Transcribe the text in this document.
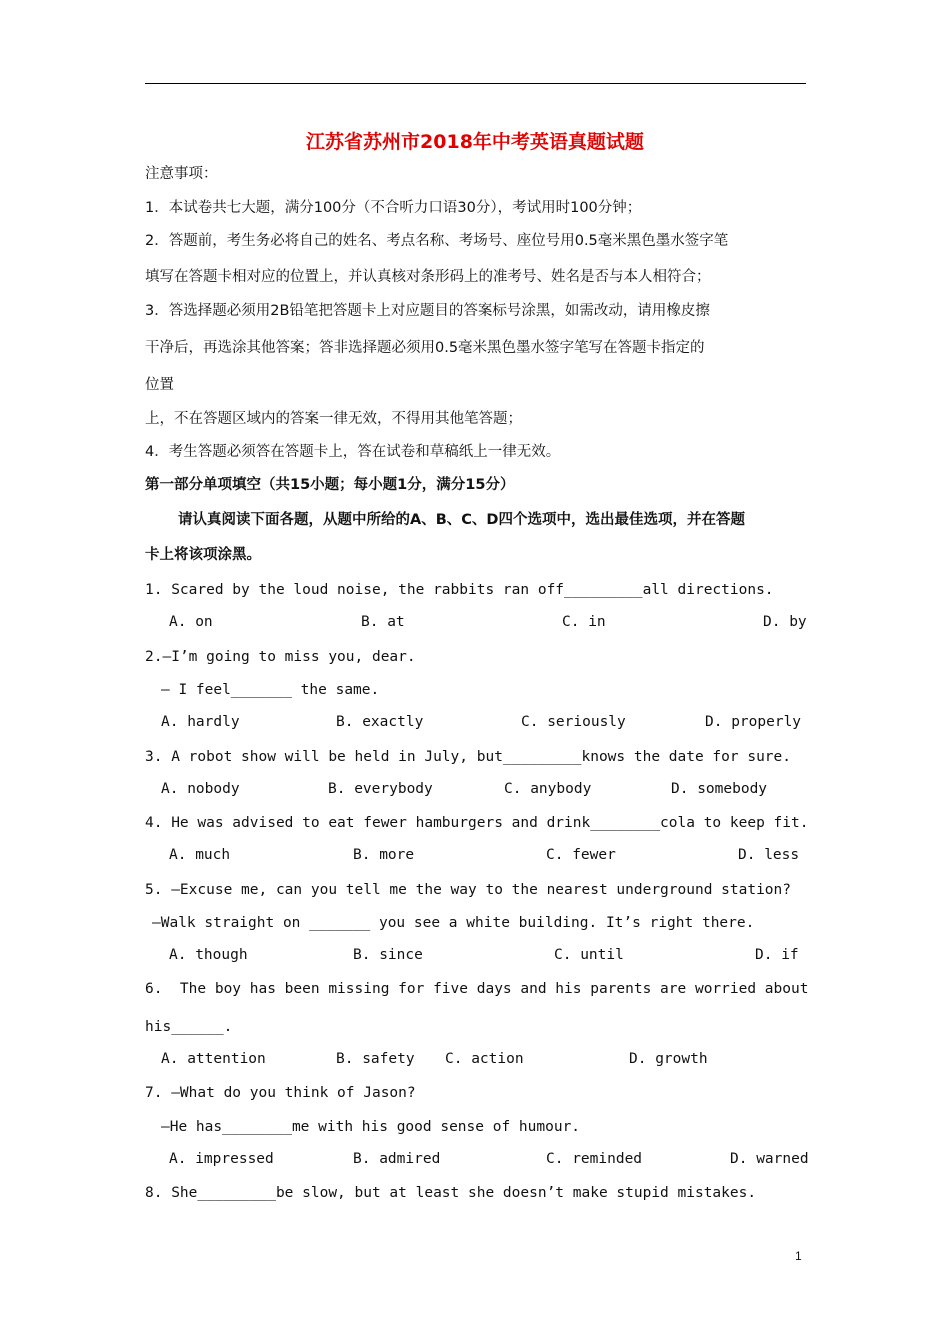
江苏省苏州市2018年中考英语真题试题
注意事项：
1．本试卷共七大题，满分100分（不合听力口语30分），考试用时100分钟；
2．答题前，考生务必将自己的姓名、考点名称、考场号、座位号用0.5毫米黑色墨水签字笔
填写在答题卡相对应的位置上，并认真核对条形码上的准考号、姓名是否与本人相符合；
3．答选择题必须用2B铅笔把答题卡上对应题目的答案标号涂黑，如需改动，请用橡皮擦
干净后，再选涂其他答案；答非选择题必须用0.5毫米黑色墨水签字笔写在答题卡指定的
位置
上，不在答题区域内的答案一律无效，不得用其他笔答题；
4．考生答题必须答在答题卡上，答在试卷和草稿纸上一律无效。
第一部分单项填空（共15小题；每小题1分，满分15分）
请认真阅读下面各题，从题中所给的A、B、C、D四个选项中，选出最佳选项，并在答题
卡上将该项涂黑。
1. Scared by the loud noise, the rabbits ran off_________all directions.
A. on	B. at	C. in	D. by
2.—I’m going to miss you, dear.
— I feel_______ the same.
A. hardly	B. exactly	C. seriously	D. properly
3. A robot show will be held in July, but_________knows the date for sure.
A. nobody	B. everybody	C. anybody	D. somebody
4. He was advised to eat fewer hamburgers and drink________cola to keep fit.
A. much	B. more	C. fewer	D. less
5. —Excuse me, can you tell me the way to the nearest underground station?
—Walk straight on _______ you see a white building. It’s right there.
A. though	B. since	C. until	D. if
6.  The boy has been missing for five days and his parents are worried about
his______.
A. attention	B. safety C. action	D. growth
7. —What do you think of Jason?
—He has________me with his good sense of humour.
A. impressed	B. admired	C. reminded	D. warned
8. She_________be slow, but at least she doesn’t make stupid mistakes.
1
